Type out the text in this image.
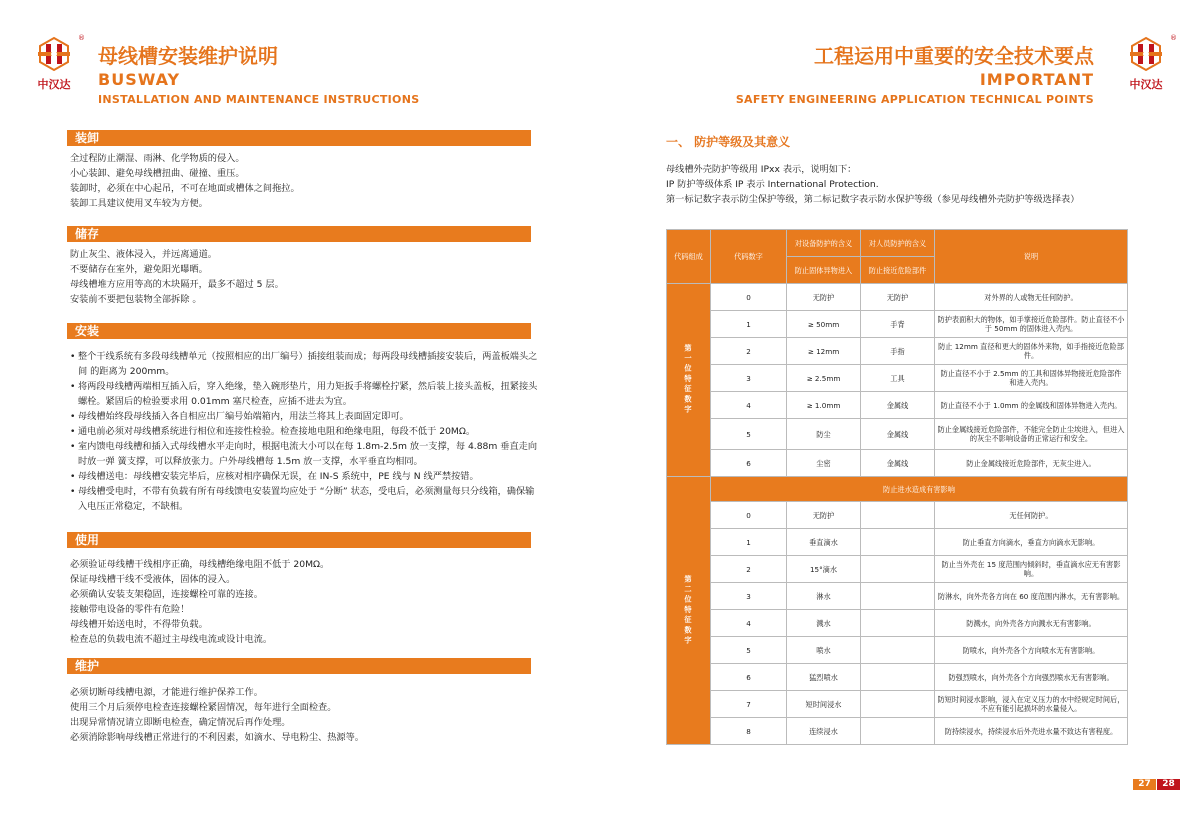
中汉达
®
母线槽安装维护说明
BUSWAY
INSTALLATION AND MAINTENANCE INSTRUCTIONS
装卸
全过程防止潮湿、雨淋、化学物质的侵入。
小心装卸、避免母线槽扭曲、碰撞、重压。
装卸时，必须在中心起吊，不可在地面或槽体之间拖拉。
装卸工具建议使用叉车较为方便。
储存
防止灰尘、液体浸入，并远离通道。
不要储存在室外，避免阳光曝晒。
母线槽堆方应用等高的木块隔开，最多不超过 5 层。
安装前不要把包装物全部拆除 。
安装
• 整个干线系统有多段母线槽单元（按照相应的出厂编号）插接组装而成；每两段母线槽插接安装后，两盖板端头之间 的距离为 200mm。
• 将两段母线槽两端相互插入后，穿入绝缘，垫入碗形垫片，用力矩扳手将螺栓拧紧，然后装上接头盖板，扭紧接头螺栓。紧固后的检验要求用 0.01mm 塞尺检查，应插不进去为宜。
• 母线槽始终段母线插入各自相应出厂编号始端箱内，用法兰将其上表面固定即可。
• 通电前必须对母线槽系统进行相位和连接性检验。检查接地电阻和绝缘电阻，每段不低于 20MΩ。
• 室内馈电母线槽和插入式母线槽水平走向时，根据电流大小可以在每 1.8m-2.5m 放一支撑，每 4.88m 垂直走向时放一弹 簧支撑，可以释放张力。户外母线槽每 1.5m 放一支撑，水平垂直均相同。
• 母线槽送电：母线槽安装完毕后，应核对相序确保无误，在 IN-S 系统中，PE 线与 N 线严禁按错。
• 母线槽受电时，不带有负载有所有母线馈电安装置均应处于 “分断” 状态，受电后，必须测量每只分线箱，确保输入电压正常稳定，不缺相。
使用
必须验证母线槽干线相序正确，母线槽绝缘电阻不低于 20MΩ。
保证母线槽干线不受液体，固体的浸入。
必须确认安装支架稳固，连接螺栓可靠的连接。
接触带电设备的零件有危险！
母线槽开始送电时，不得带负载。
检查总的负载电流不超过主母线电流或设计电流。
维护
必须切断母线槽电源，才能进行维护保养工作。
使用三个月后须停电检查连接螺栓紧固情况，每年进行全面检查。
出现异常情况请立即断电检查，确定情况后再作处理。
必须消除影响母线槽正常进行的不利因素，如滴水、导电粉尘、热源等。
工程运用中重要的安全技术要点
IMPORTANT
SAFETY ENGINEERING APPLICATION TECHNICAL POINTS
中汉达
®
一、 防护等级及其意义
母线槽外壳防护等级用 IPxx 表示，说明如下：
IP 防护等级体系 IP 表示 International Protection.
第一标记数字表示防尘保护等级，第二标记数字表示防水保护等级（参见母线槽外壳防护等级选择表）
代码组成	代码数字	对设备防护的含义	对人员防护的含义	说明
		防止固体异物进入	防止接近危险部件	
第一位特征数字	0	无防护	无防护	对外界的人或物无任何防护。
	1	≥ 50mm	手背	防护表面积大的物体，如手掌接近危险部件。防止直径不小于 50mm 的固体进入壳内。
	2	≥ 12mm	手指	防止 12mm 直径和更大的固体外来物，如手指接近危险部件。
	3	≥ 2.5mm	工具	防止直径不小于 2.5mm 的工具和固体异物接近危险部件和进入壳内。
	4	≥ 1.0mm	金属线	防止直径不小于 1.0mm 的金属线和固体异物进入壳内。
	5	防尘	金属线	防止金属线接近危险部件，不能完全防止尘埃进入，但进入的灰尘不影响设备的正常运行和安全。
	6	尘密	金属线	防止金属线接近危险部件，无灰尘进入。
第二位特征数字	防止进水造成有害影响			
	0	无防护		无任何防护。
	1	垂直滴水		防止垂直方向滴水，垂直方向滴水无影响。
	2	15°滴水		防止当外壳在 15 度范围内倾斜时，垂直滴水应无有害影响。
	3	淋水		防淋水，向外壳各方向在 60 度范围内淋水，无有害影响。
	4	溅水		防溅水，向外壳各方向溅水无有害影响。
	5	喷水		防喷水，向外壳各个方向喷水无有害影响。
	6	猛烈喷水		防强烈喷水，向外壳各个方向强烈喷水无有害影响。
	7	短时间浸水		防短时间浸水影响，浸入在定义压力的水中经规定时间后，不应有能引起损坏的水量侵入。
	8	连续浸水		防持续浸水，持续浸水后外壳进水量不致达有害程度。
27	28
